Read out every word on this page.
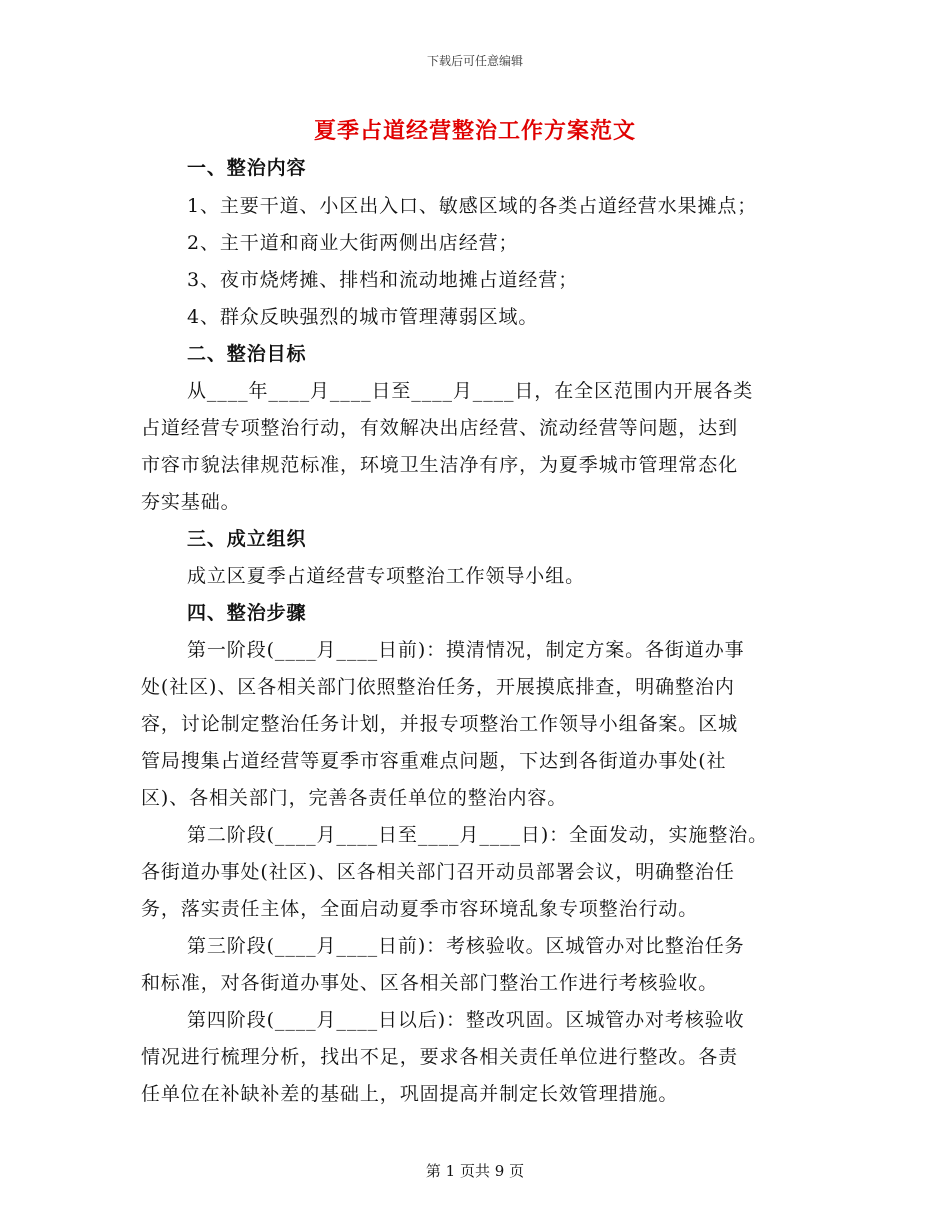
下载后可任意编辑
夏季占道经营整治工作方案范文
一、整治内容
1、主要干道、小区出入口、敏感区域的各类占道经营水果摊点；
2、主干道和商业大街两侧出店经营；
3、夜市烧烤摊、排档和流动地摊占道经营；
4、群众反映强烈的城市管理薄弱区域。
二、整治目标
从____年____月____日至____月____日，在全区范围内开展各类
占道经营专项整治行动，有效解决出店经营、流动经营等问题，达到
市容市貌法律规范标准，环境卫生洁净有序，为夏季城市管理常态化
夯实基础。
三、成立组织
成立区夏季占道经营专项整治工作领导小组。
四、整治步骤
第一阶段(____月____日前)：摸清情况，制定方案。各街道办事
处(社区)、区各相关部门依照整治任务，开展摸底排查，明确整治内
容，讨论制定整治任务计划，并报专项整治工作领导小组备案。区城
管局搜集占道经营等夏季市容重难点问题，下达到各街道办事处(社
区)、各相关部门，完善各责任单位的整治内容。
第二阶段(____月____日至____月____日)：全面发动，实施整治。
各街道办事处(社区)、区各相关部门召开动员部署会议，明确整治任
务，落实责任主体，全面启动夏季市容环境乱象专项整治行动。
第三阶段(____月____日前)：考核验收。区城管办对比整治任务
和标准，对各街道办事处、区各相关部门整治工作进行考核验收。
第四阶段(____月____日以后)：整改巩固。区城管办对考核验收
情况进行梳理分析，找出不足，要求各相关责任单位进行整改。各责
任单位在补缺补差的基础上，巩固提高并制定长效管理措施。
第 1 页共 9 页
